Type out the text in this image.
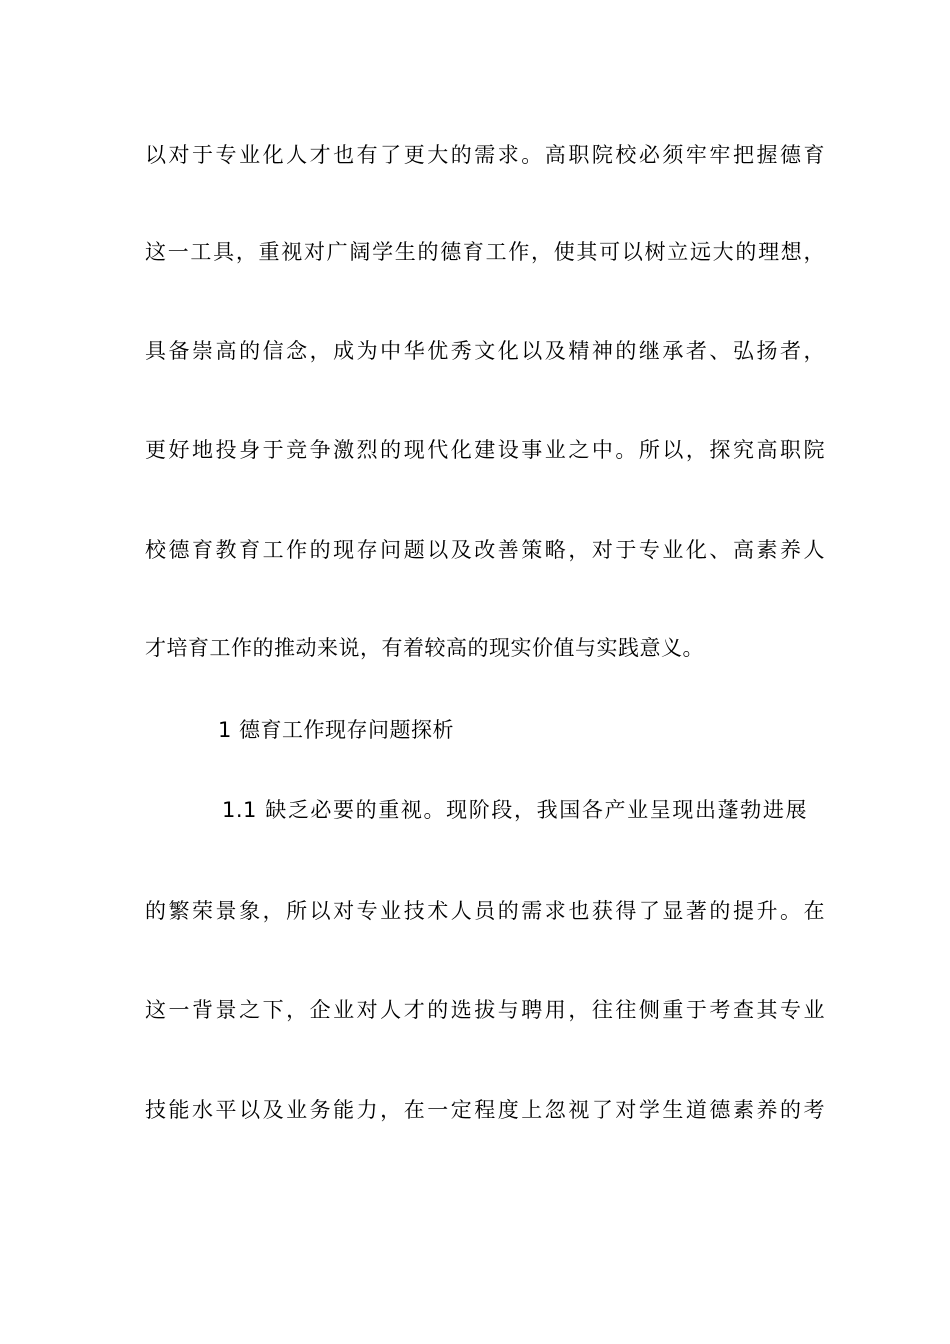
以对于专业化人才也有了更大的需求。高职院校必须牢牢把握德育
这一工具，重视对广阔学生的德育工作，使其可以树立远大的理想，
具备崇高的信念，成为中华优秀文化以及精神的继承者、弘扬者，
更好地投身于竞争激烈的现代化建设事业之中。所以，探究高职院
校德育教育工作的现存问题以及改善策略，对于专业化、高素养人
才培育工作的推动来说，有着较高的现实价值与实践意义。
1 德育工作现存问题探析
1.1 缺乏必要的重视。现阶段，我国各产业呈现出蓬勃进展
的繁荣景象，所以对专业技术人员的需求也获得了显著的提升。在
这一背景之下，企业对人才的选拔与聘用，往往侧重于考查其专业
技能水平以及业务能力，在一定程度上忽视了对学生道德素养的考
